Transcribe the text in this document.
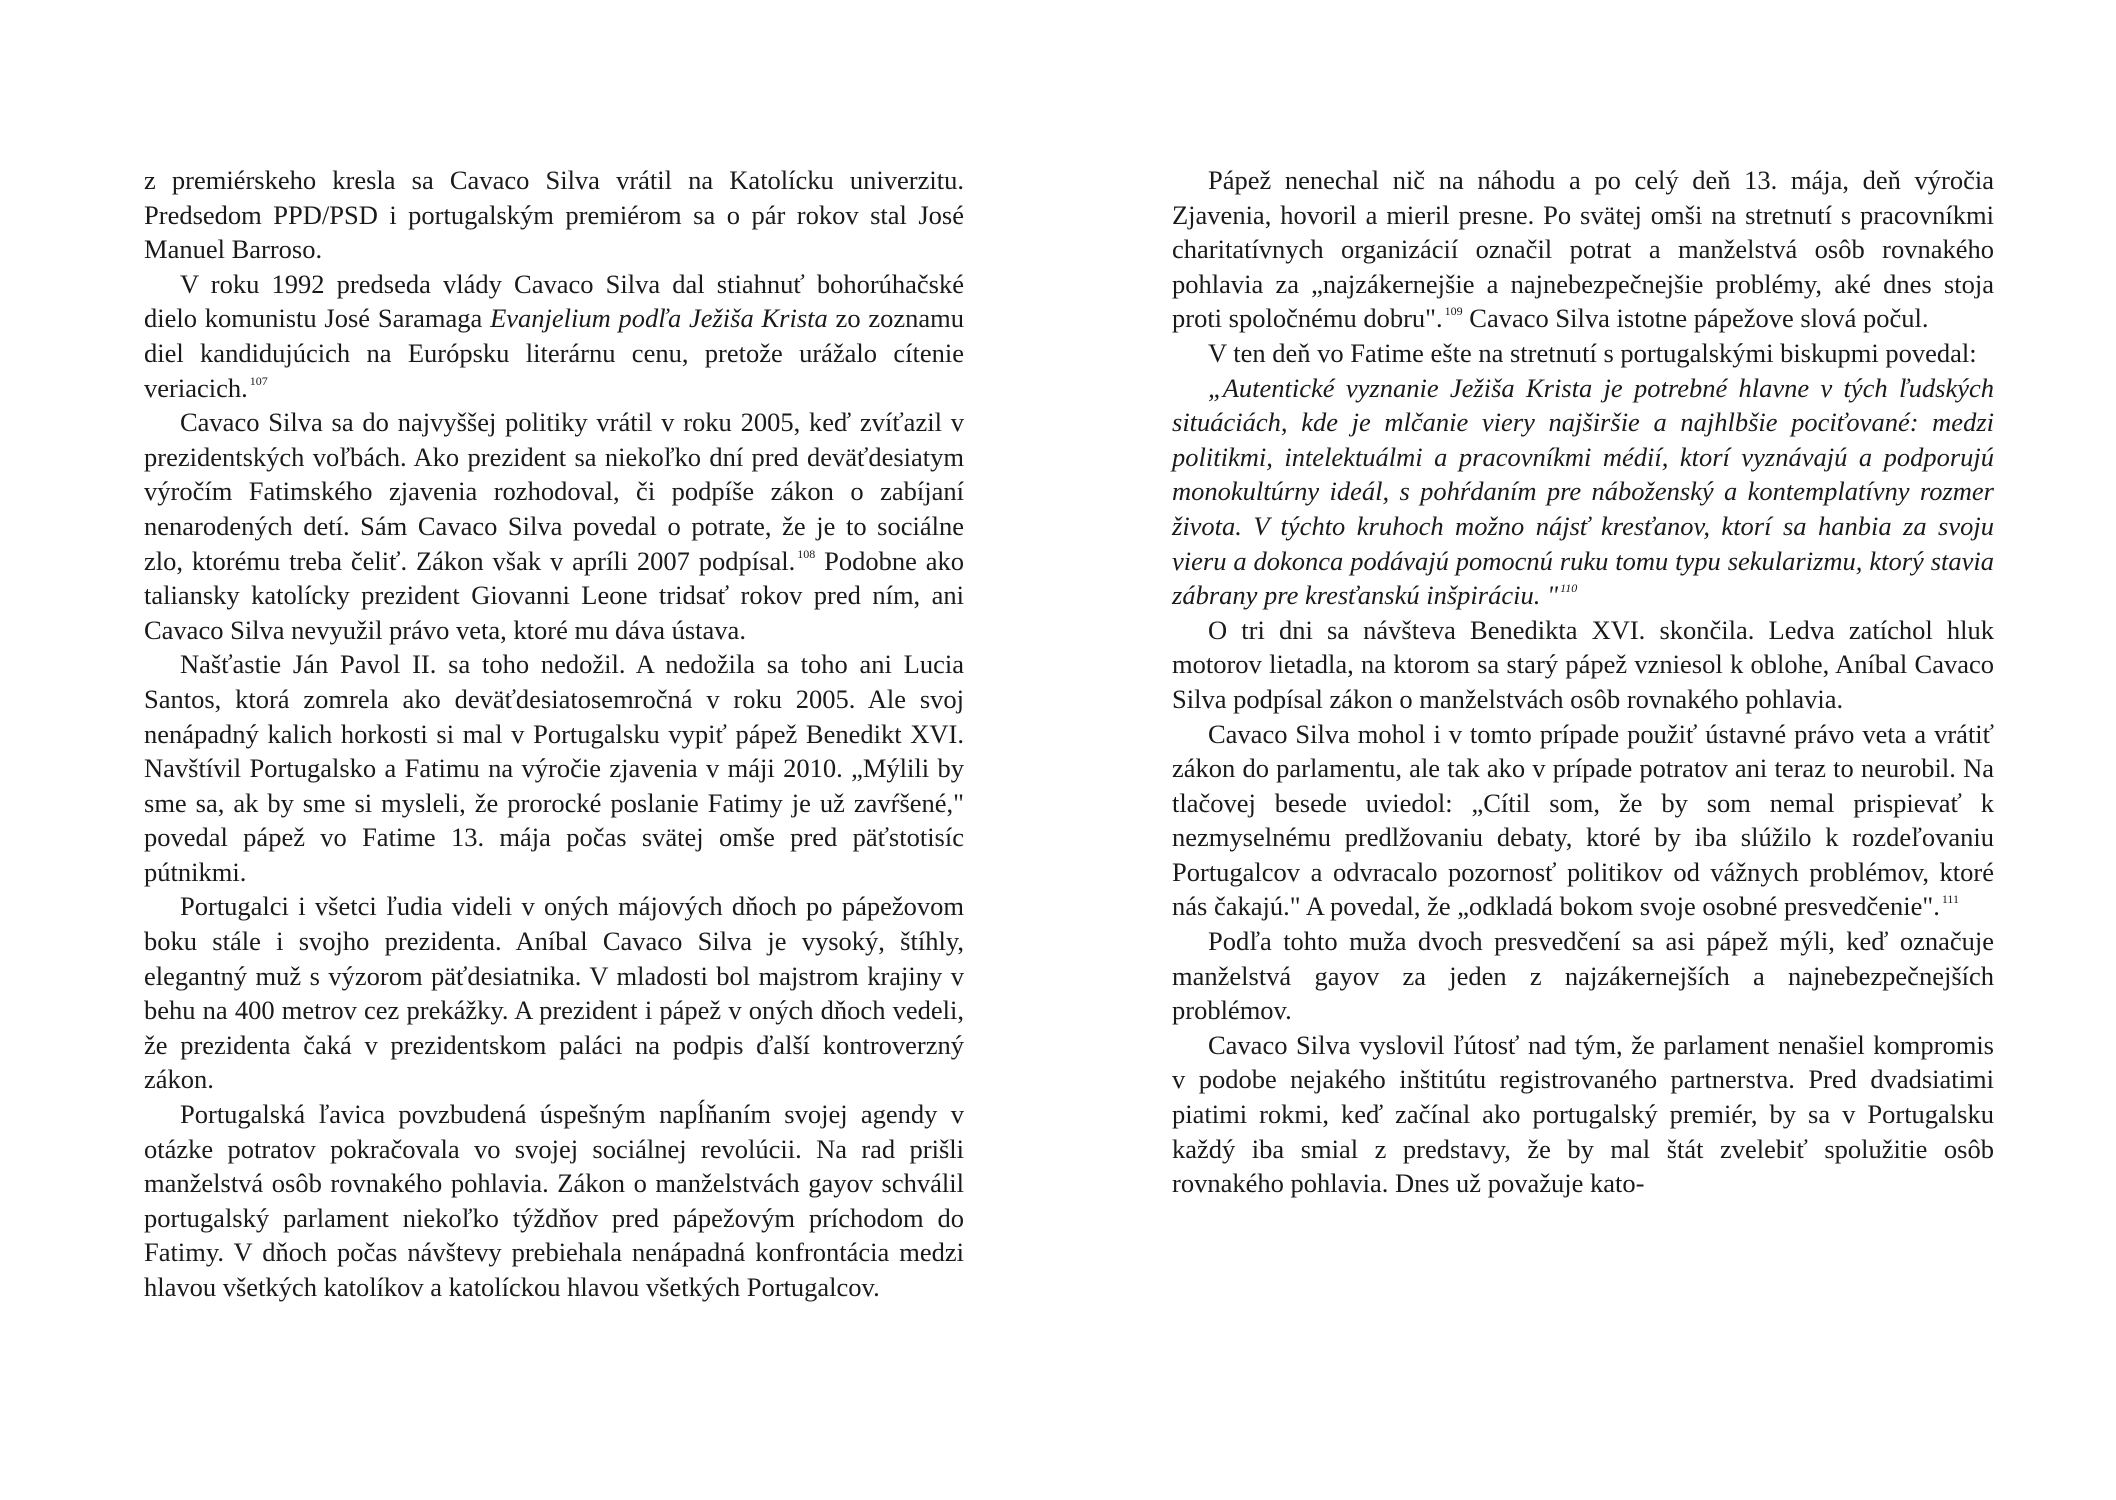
z premiérskeho kresla sa Cavaco Silva vrátil na Katolícku univerzitu. Predsedom PPD/PSD i portugalským premiérom sa o pár rokov stal José Manuel Barroso.

V roku 1992 predseda vlády Cavaco Silva dal stiahnuť bohorúhačské dielo komunistu José Saramaga Evanjelium podľa Ježiša Krista zo zoznamu diel kandidujúcich na Európsku literárnu cenu, pretože urážalo cítenie veriacich. $^{107}$

Cavaco Silva sa do najvyššej politiky vrátil v roku 2005, keď zvíťazil v prezidentských voľbách. Ako prezident sa niekoľko dní pred deväťdesiatym výročím Fatimského zjavenia rozhodoval, či podpíše zákon o zabíjaní nenarodených detí. Sám Cavaco Silva povedal o potrate, že je to sociálne zlo, ktorému treba čeliť. Zákon však v apríli 2007 podpísal. $^{108}$ Podobne ako taliansky katolícky prezident Giovanni Leone tridsať rokov pred ním, ani Cavaco Silva nevyužil právo veta, ktoré mu dáva ústava.

Našťastie Ján Pavol II. sa toho nedožil. A nedožila sa toho ani Lucia Santos, ktorá zomrela ako deväťdesiatosemročná v roku 2005. Ale svoj nenápadný kalich horkosti si mal v Portugalsku vypiť pápež Benedikt XVI. Navštívil Portugalsko a Fatimu na výročie zjavenia v máji 2010. „Mýlili by sme sa, ak by sme si mysleli, že prorocké poslanie Fatimy je už zavŕšené," povedal pápež vo Fatime 13. mája počas svätej omše pred päťstotisíc pútnikmi.

Portugalci i všetci ľudia videli v oných májových dňoch po pápežovom boku stále i svojho prezidenta. Aníbal Cavaco Silva je vysoký, štíhly, elegantný muž s výzorom päťdesiatnika. V mladosti bol majstrom krajiny v behu na 400 metrov cez prekážky. A prezident i pápež v oných dňoch vedeli, že prezidenta čaká v prezidentskom paláci na podpis ďalší kontroverzný zákon.

Portugalská ľavica povzbudená úspešným napĺňaním svojej agendy v otázke potratov pokračovala vo svojej sociálnej revolúcii. Na rad prišli manželstvá osôb rovnakého pohlavia. Zákon o manželstvách gayov schválil portugalský parlament niekoľko týždňov pred pápežovým príchodom do Fatimy. V dňoch počas návštevy prebiehala nenápadná konfrontácia medzi hlavou všetkých katolíkov a katolíckou hlavou všetkých Portugalcov.

Pápež nenechal nič na náhodu a po celý deň 13. mája, deň výročia Zjavenia, hovoril a mieril presne. Po svätej omši na stretnutí s pracovníkmi charitatívnych organizácií označil potrat a manželstvá osôb rovnakého pohlavia za „najzákernejšie a najnebezpečnejšie problémy, aké dnes stoja proti spoločnému dobru". $^{109}$ Cavaco Silva istotne pápežove slová počul.

V ten deň vo Fatime ešte na stretnutí s portugalskými biskupmi povedal:

„Autentické vyznanie Ježiša Krista je potrebné hlavne v tých ľudských situáciách, kde je mlčanie viery najširšie a najhlbšie pociťované: medzi politikmi, intelektuálmi a pracovníkmi médií, ktorí vyznávajú a podporujú monokultúrny ideál, s pohŕdaním pre náboženský a kontemplatívny rozmer života. V týchto kruhoch možno nájsť kresťanov, ktorí sa hanbia za svoju vieru a dokonca podávajú pomocnú ruku tomu typu sekularizmu, ktorý stavia zábrany pre kresťanskú inšpiráciu. " $^{110}$

O tri dni sa návšteva Benedikta XVI. skončila. Ledva zatíchol hluk motorov lietadla, na ktorom sa starý pápež vzniesol k oblohe, Aníbal Cavaco Silva podpísal zákon o manželstvách osôb rovnakého pohlavia.

Cavaco Silva mohol i v tomto prípade použiť ústavné právo veta a vrátiť zákon do parlamentu, ale tak ako v prípade potratov ani teraz to neurobil. Na tlačovej besede uviedol: „Cítil som, že by som nemal prispievať k nezmyselnému predlžovaniu debaty, ktoré by iba slúžilo k rozdeľovaniu Portugalcov a odvracalo pozornosť politikov od vážnych problémov, ktoré nás čakajú." A povedal, že „odkladá bokom svoje osobné presvedčenie". $^{111}$

Podľa tohto muža dvoch presvedčení sa asi pápež mýli, keď označuje manželstvá gayov za jeden z najzákernejších a najnebezpečnejších problémov.

Cavaco Silva vyslovil ľútosť nad tým, že parlament nenašiel kompromis v podobe nejakého inštitútu registrovaného partnerstva. Pred dvadsiatimi piatimi rokmi, keď začínal ako portugalský premiér, by sa v Portugalsku každý iba smial z predstavy, že by mal štát zvelebiť spolužitie osôb rovnakého pohlavia. Dnes už považuje kato-
